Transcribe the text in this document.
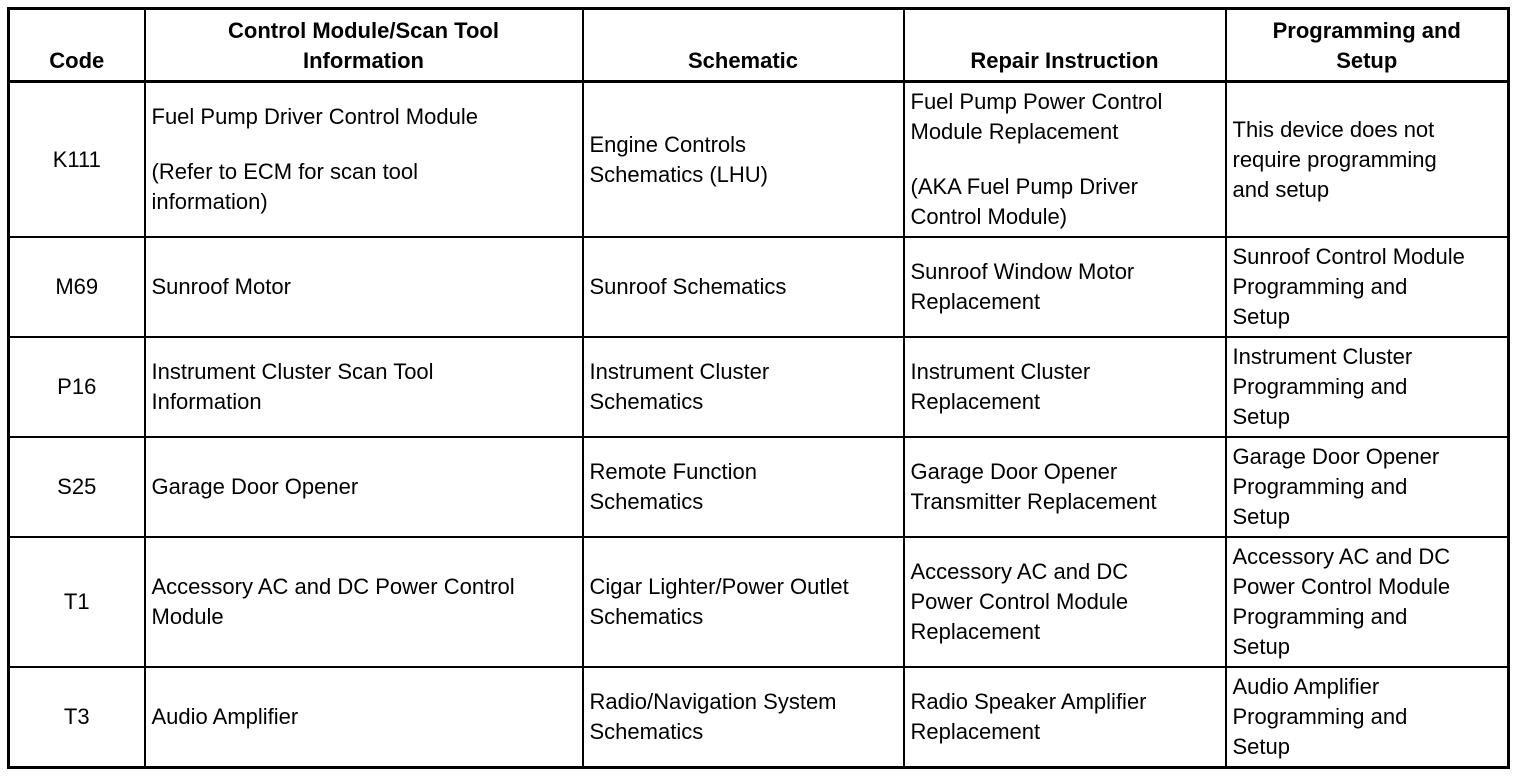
Code	Control Module/Scan Tool
Information	Schematic	Repair Instruction	Programming and
Setup

K111	Fuel Pump Driver Control Module
(Refer to ECM for scan tool
information)	Engine Controls
Schematics (LHU)	Fuel Pump Power Control
Module Replacement
(AKA Fuel Pump Driver
Control Module)	This device does not
require programming
and setup

M69	Sunroof Motor	Sunroof Schematics	Sunroof Window Motor
Replacement	Sunroof Control Module
Programming and
Setup

P16	Instrument Cluster Scan Tool
Information	Instrument Cluster
Schematics	Instrument Cluster
Replacement	Instrument Cluster
Programming and
Setup

S25	Garage Door Opener	Remote Function
Schematics	Garage Door Opener
Transmitter Replacement	Garage Door Opener
Programming and
Setup

T1	Accessory AC and DC Power Control
Module	Cigar Lighter/Power Outlet
Schematics	Accessory AC and DC
Power Control Module
Replacement	Accessory AC and DC
Power Control Module
Programming and
Setup

T3	Audio Amplifier	Radio/Navigation System
Schematics	Radio Speaker Amplifier
Replacement	Audio Amplifier
Programming and
Setup
